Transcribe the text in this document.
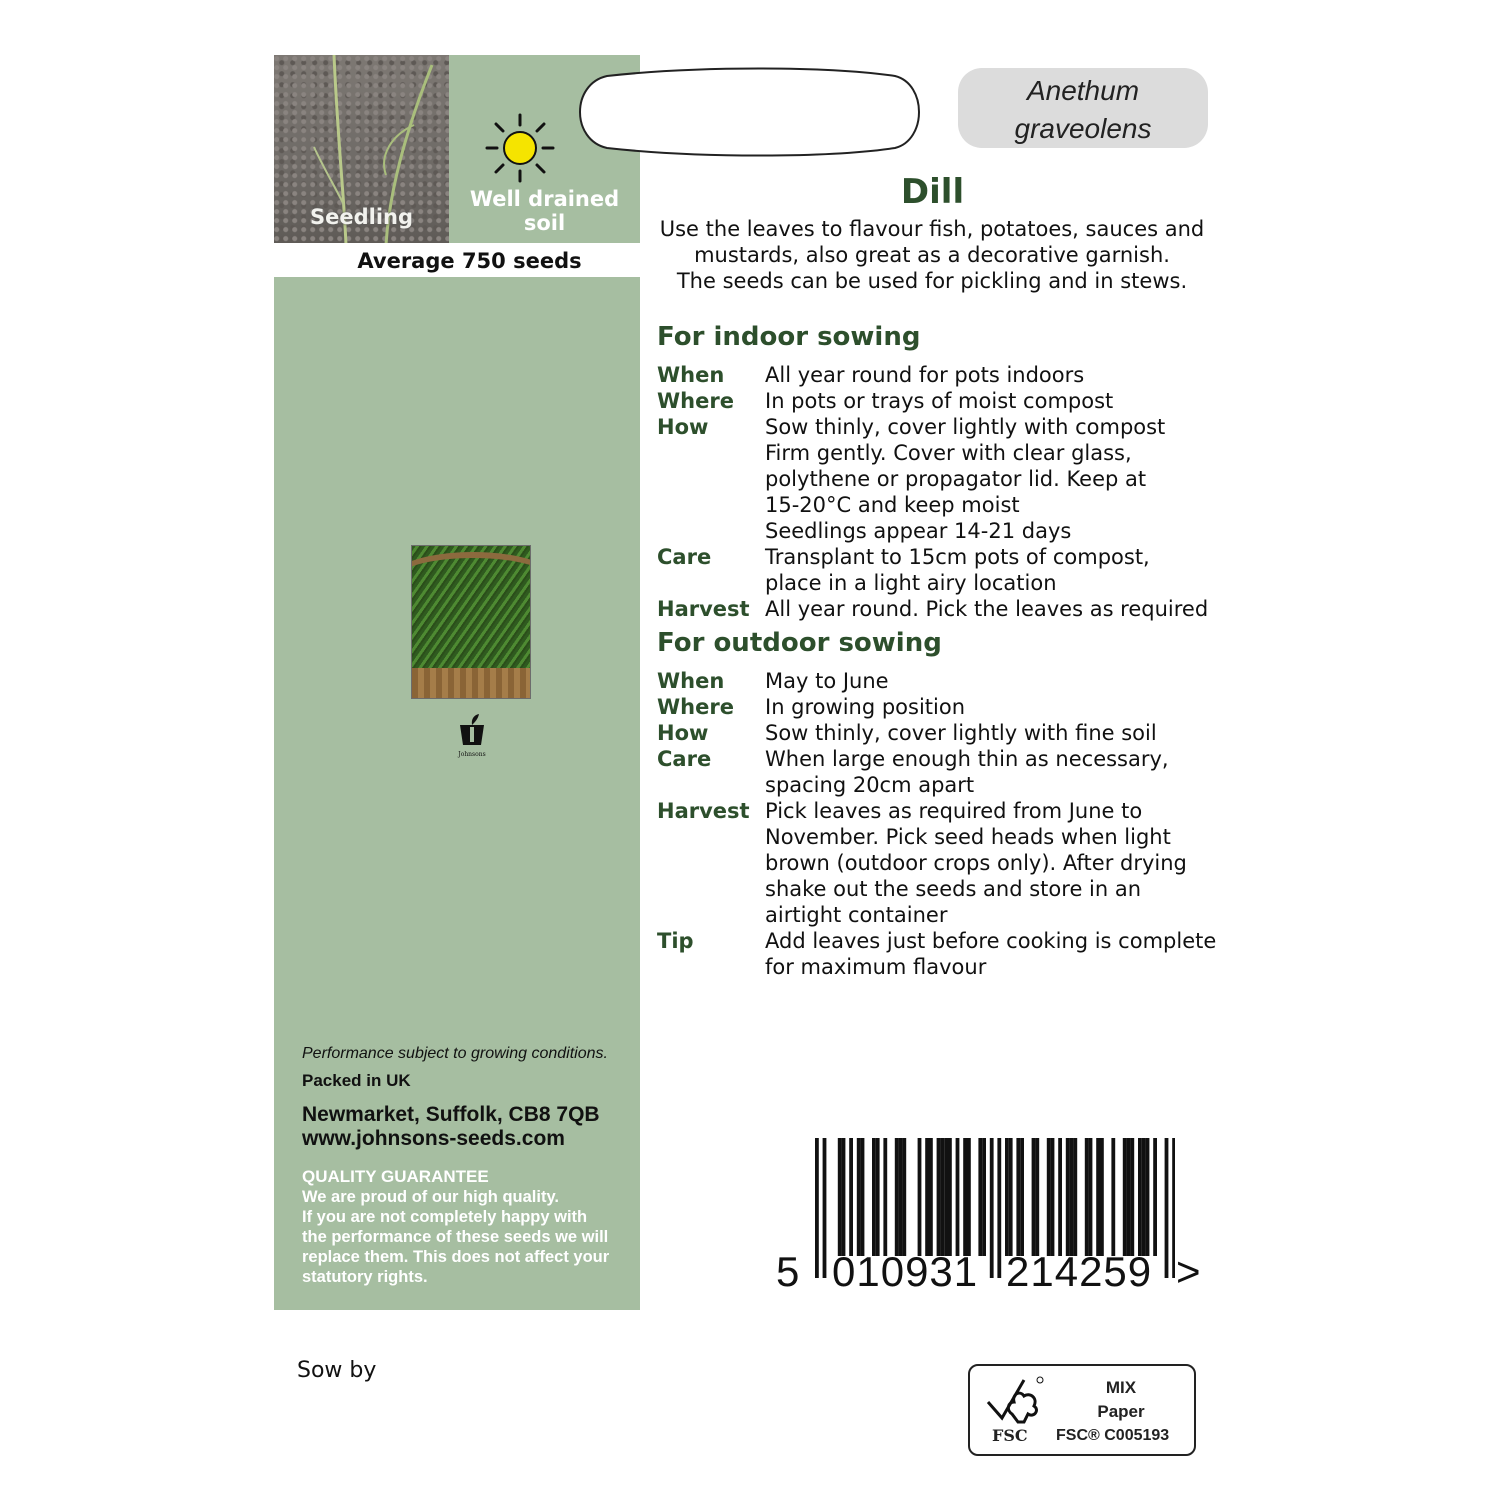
Seedling
Well drained
soil
Average 750 seeds
Johnsons

Performance subject to growing conditions.

Packed in UK

Newmarket, Suffolk, CB8 7QB

www.johnsons-seeds.com

QUALITY GUARANTEE

We are proud of our high quality.

If you are not completely happy with

the performance of these seeds we will

replace them. This does not affect your

statutory rights.

Anethum
graveolens
Dill
Use the leaves to flavour fish, potatoes, sauces and
mustards, also great as a decorative garnish.
The seeds can be used for pickling and in stews.
For indoor sowing
When	All year round for pots indoors
Where	In pots or trays of moist compost
How	Sow thinly, cover lightly with compost
Firm gently. Cover with clear glass,
polythene or propagator lid. Keep at
15-20°C and keep moist
Seedlings appear 14-21 days
Care	Transplant to 15cm pots of compost,
place in a light airy location
Harvest All year round. Pick the leaves as required
For outdoor sowing
When	May to June
Where	In growing position
How	Sow thinly, cover lightly with fine soil
Care	When large enough thin as necessary,
spacing 20cm apart
Harvest Pick leaves as required from June to
November. Pick seed heads when light
brown (outdoor crops only). After drying
shake out the seeds and store in an
airtight container
Tip	Add leaves just before cooking is complete
for maximum flavour
5 010931 214259 >
Sow by
FSC
MIX
Paper
FSC® C005193
